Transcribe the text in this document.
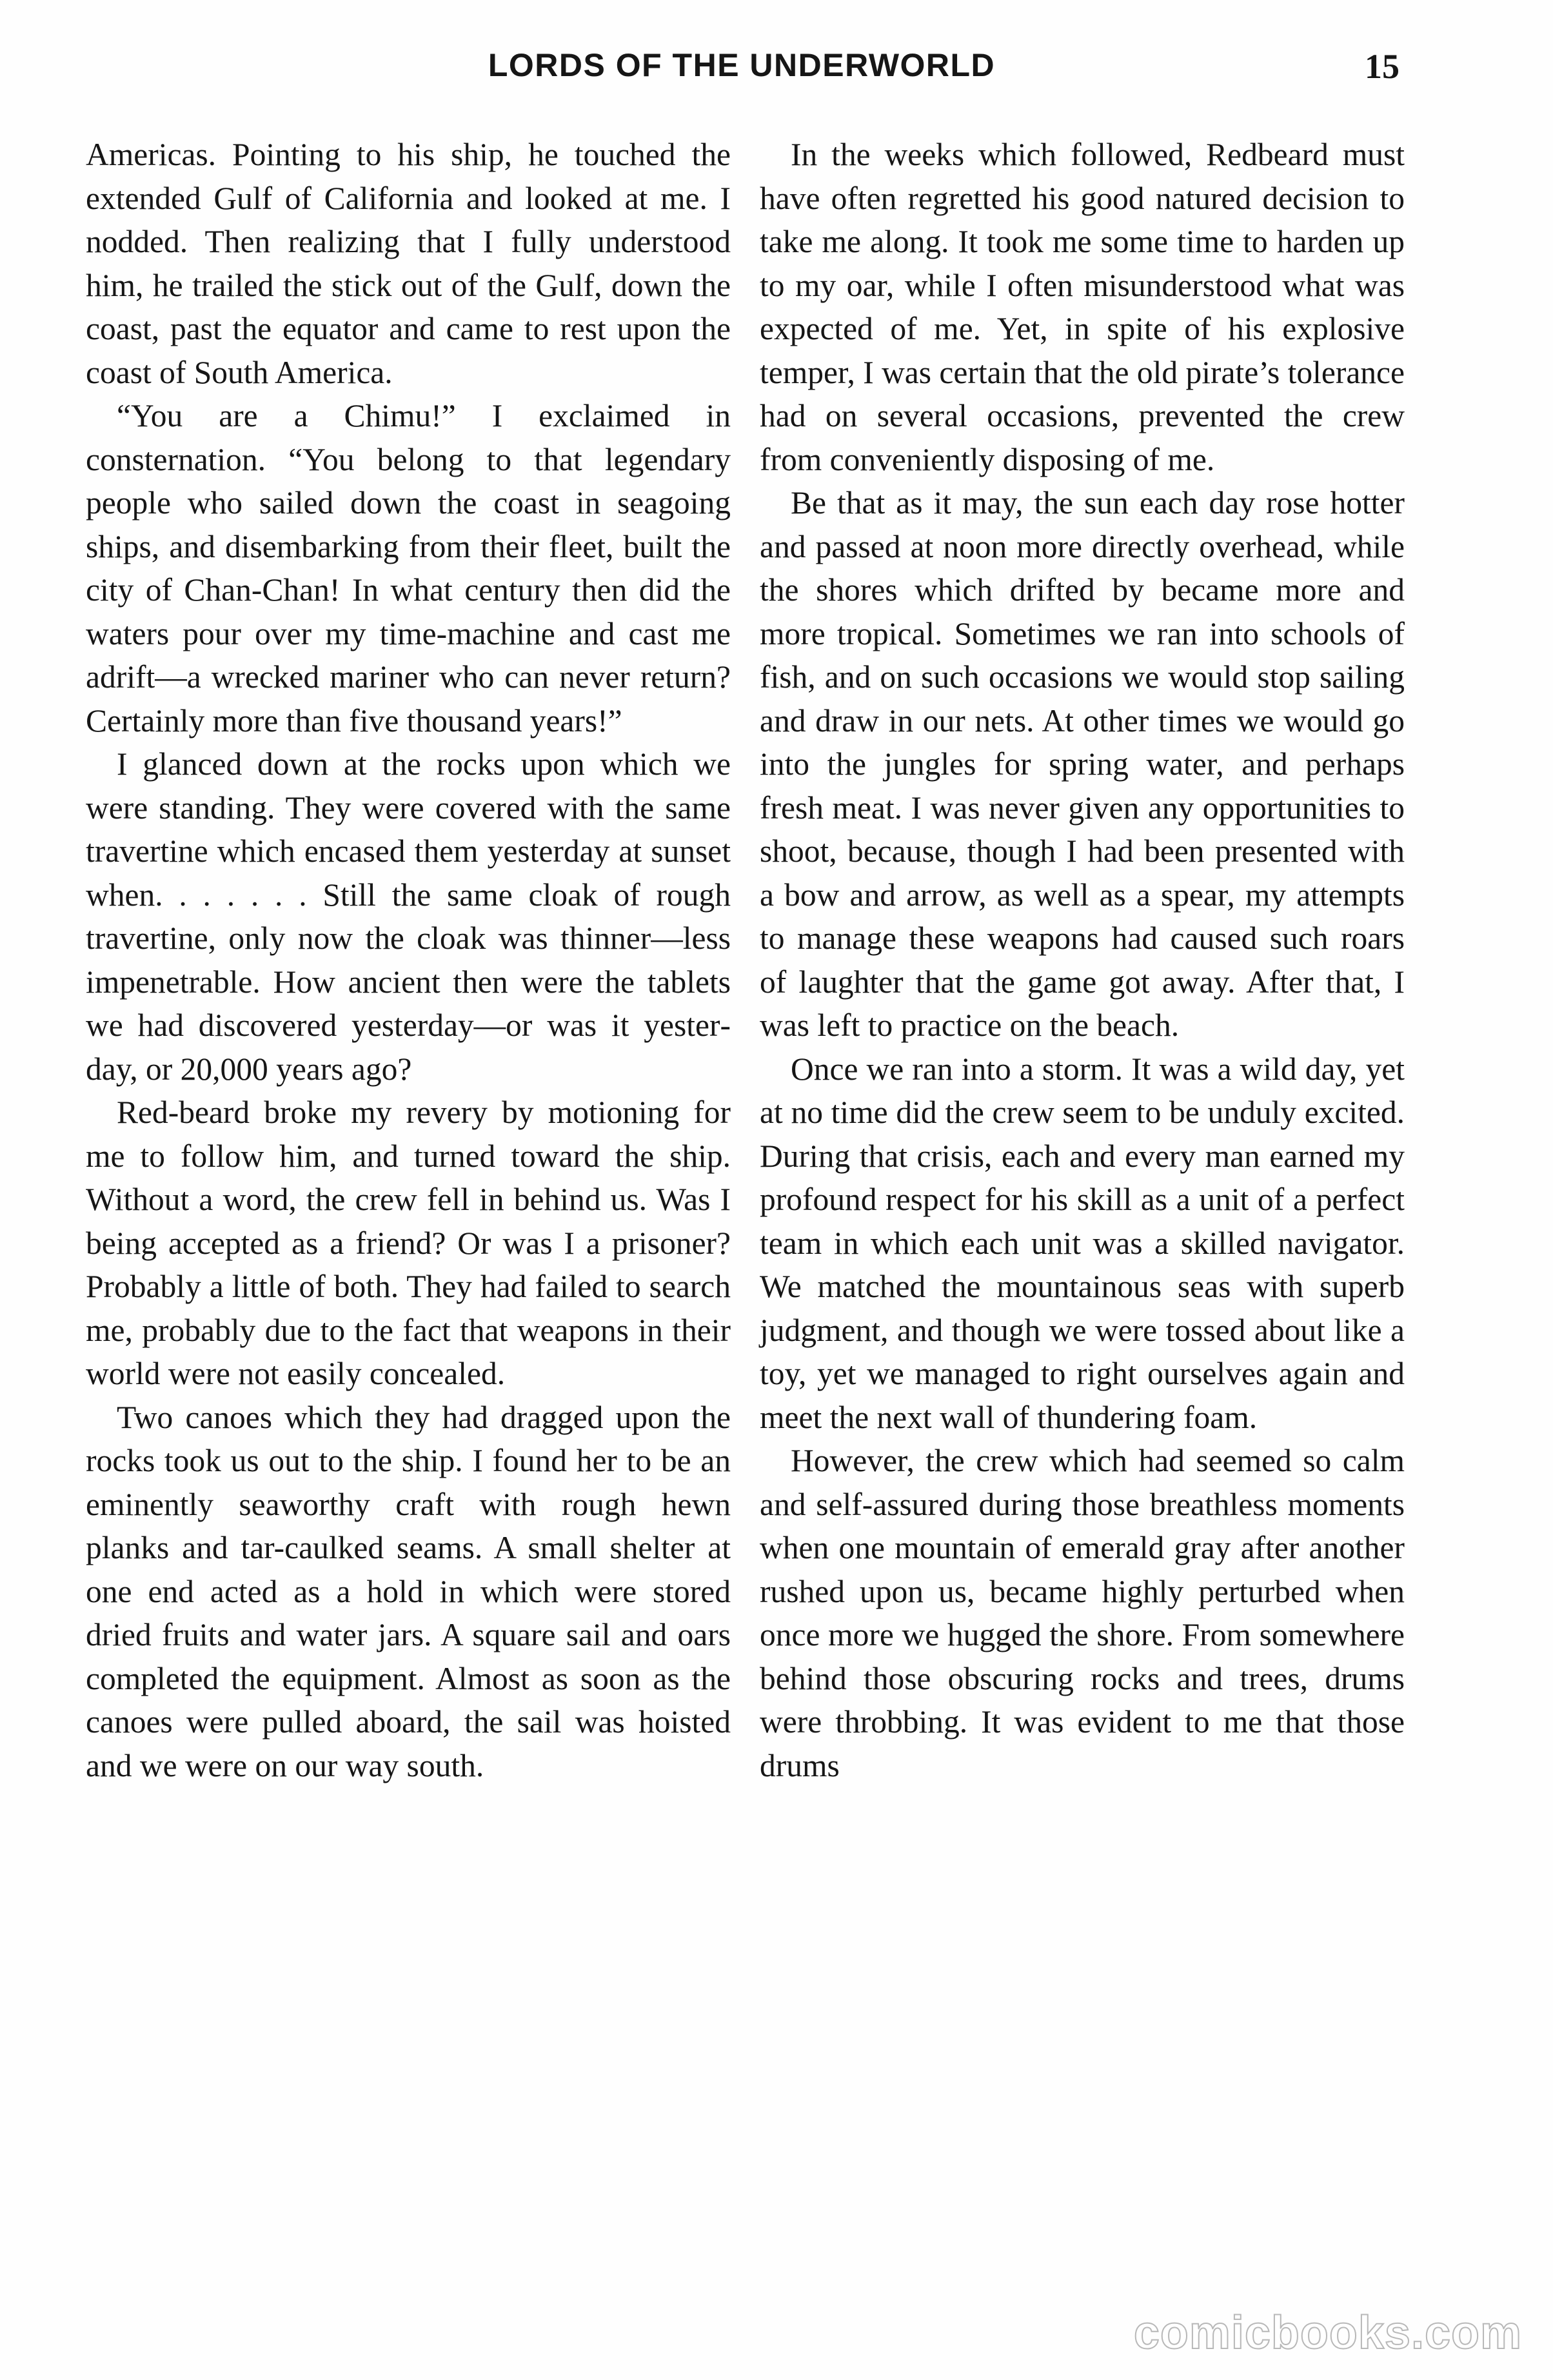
LORDS OF THE UNDERWORLD	15

Americas. Pointing to his ship, he touched the extended Gulf of California and looked at me. I nodded. Then realizing that I fully understood him, he trailed the stick out of the Gulf, down the coast, past the equator and came to rest upon the coast of South America.

“You are a Chimu!” I exclaimed in consternation. “You belong to that legendary people who sailed down the coast in seagoing ships, and disembarking from their fleet, built the city of Chan-Chan! In what century then did the waters pour over my time-machine and cast me adrift—a wrecked mariner who can never return? Certainly more than five thousand years!”

I glanced down at the rocks upon which we were standing. They were covered with the same travertine which encased them yesterday at sunset when. . . . . . . Still the same cloak of rough travertine, only now the cloak was thinner—less impenetrable. How ancient then were the tablets we had discovered yesterday—or was it yesterday, or 20,000 years ago?

Red-beard broke my revery by motioning for me to follow him, and turned toward the ship. Without a word, the crew fell in behind us. Was I being accepted as a friend? Or was I a prisoner? Probably a little of both. They had failed to search me, probably due to the fact that weapons in their world were not easily concealed.

Two canoes which they had dragged upon the rocks took us out to the ship. I found her to be an eminently seaworthy craft with rough hewn planks and tar-caulked seams. A small shelter at one end acted as a hold in which were stored dried fruits and water jars. A square sail and oars completed the equipment. Almost as soon as the canoes were pulled aboard, the sail was hoisted and we were on our way south.

In the weeks which followed, Redbeard must have often regretted his good natured decision to take me along. It took me some time to harden up to my oar, while I often misunderstood what was expected of me. Yet, in spite of his explosive temper, I was certain that the old pirate’s tolerance had on several occasions, prevented the crew from conveniently disposing of me.

Be that as it may, the sun each day rose hotter and passed at noon more directly overhead, while the shores which drifted by became more and more tropical. Sometimes we ran into schools of fish, and on such occasions we would stop sailing and draw in our nets. At other times we would go into the jungles for spring water, and perhaps fresh meat. I was never given any opportunities to shoot, because, though I had been presented with a bow and arrow, as well as a spear, my attempts to manage these weapons had caused such roars of laughter that the game got away. After that, I was left to practice on the beach.

Once we ran into a storm. It was a wild day, yet at no time did the crew seem to be unduly excited. During that crisis, each and every man earned my profound respect for his skill as a unit of a perfect team in which each unit was a skilled navigator. We matched the mountainous seas with superb judgment, and though we were tossed about like a toy, yet we managed to right ourselves again and meet the next wall of thundering foam.

However, the crew which had seemed so calm and self-assured during those breathless moments when one mountain of emerald gray after another rushed upon us, became highly perturbed when once more we hugged the shore. From somewhere behind those obscuring rocks and trees, drums were throbbing. It was evident to me that those drums

comicbooks.com
